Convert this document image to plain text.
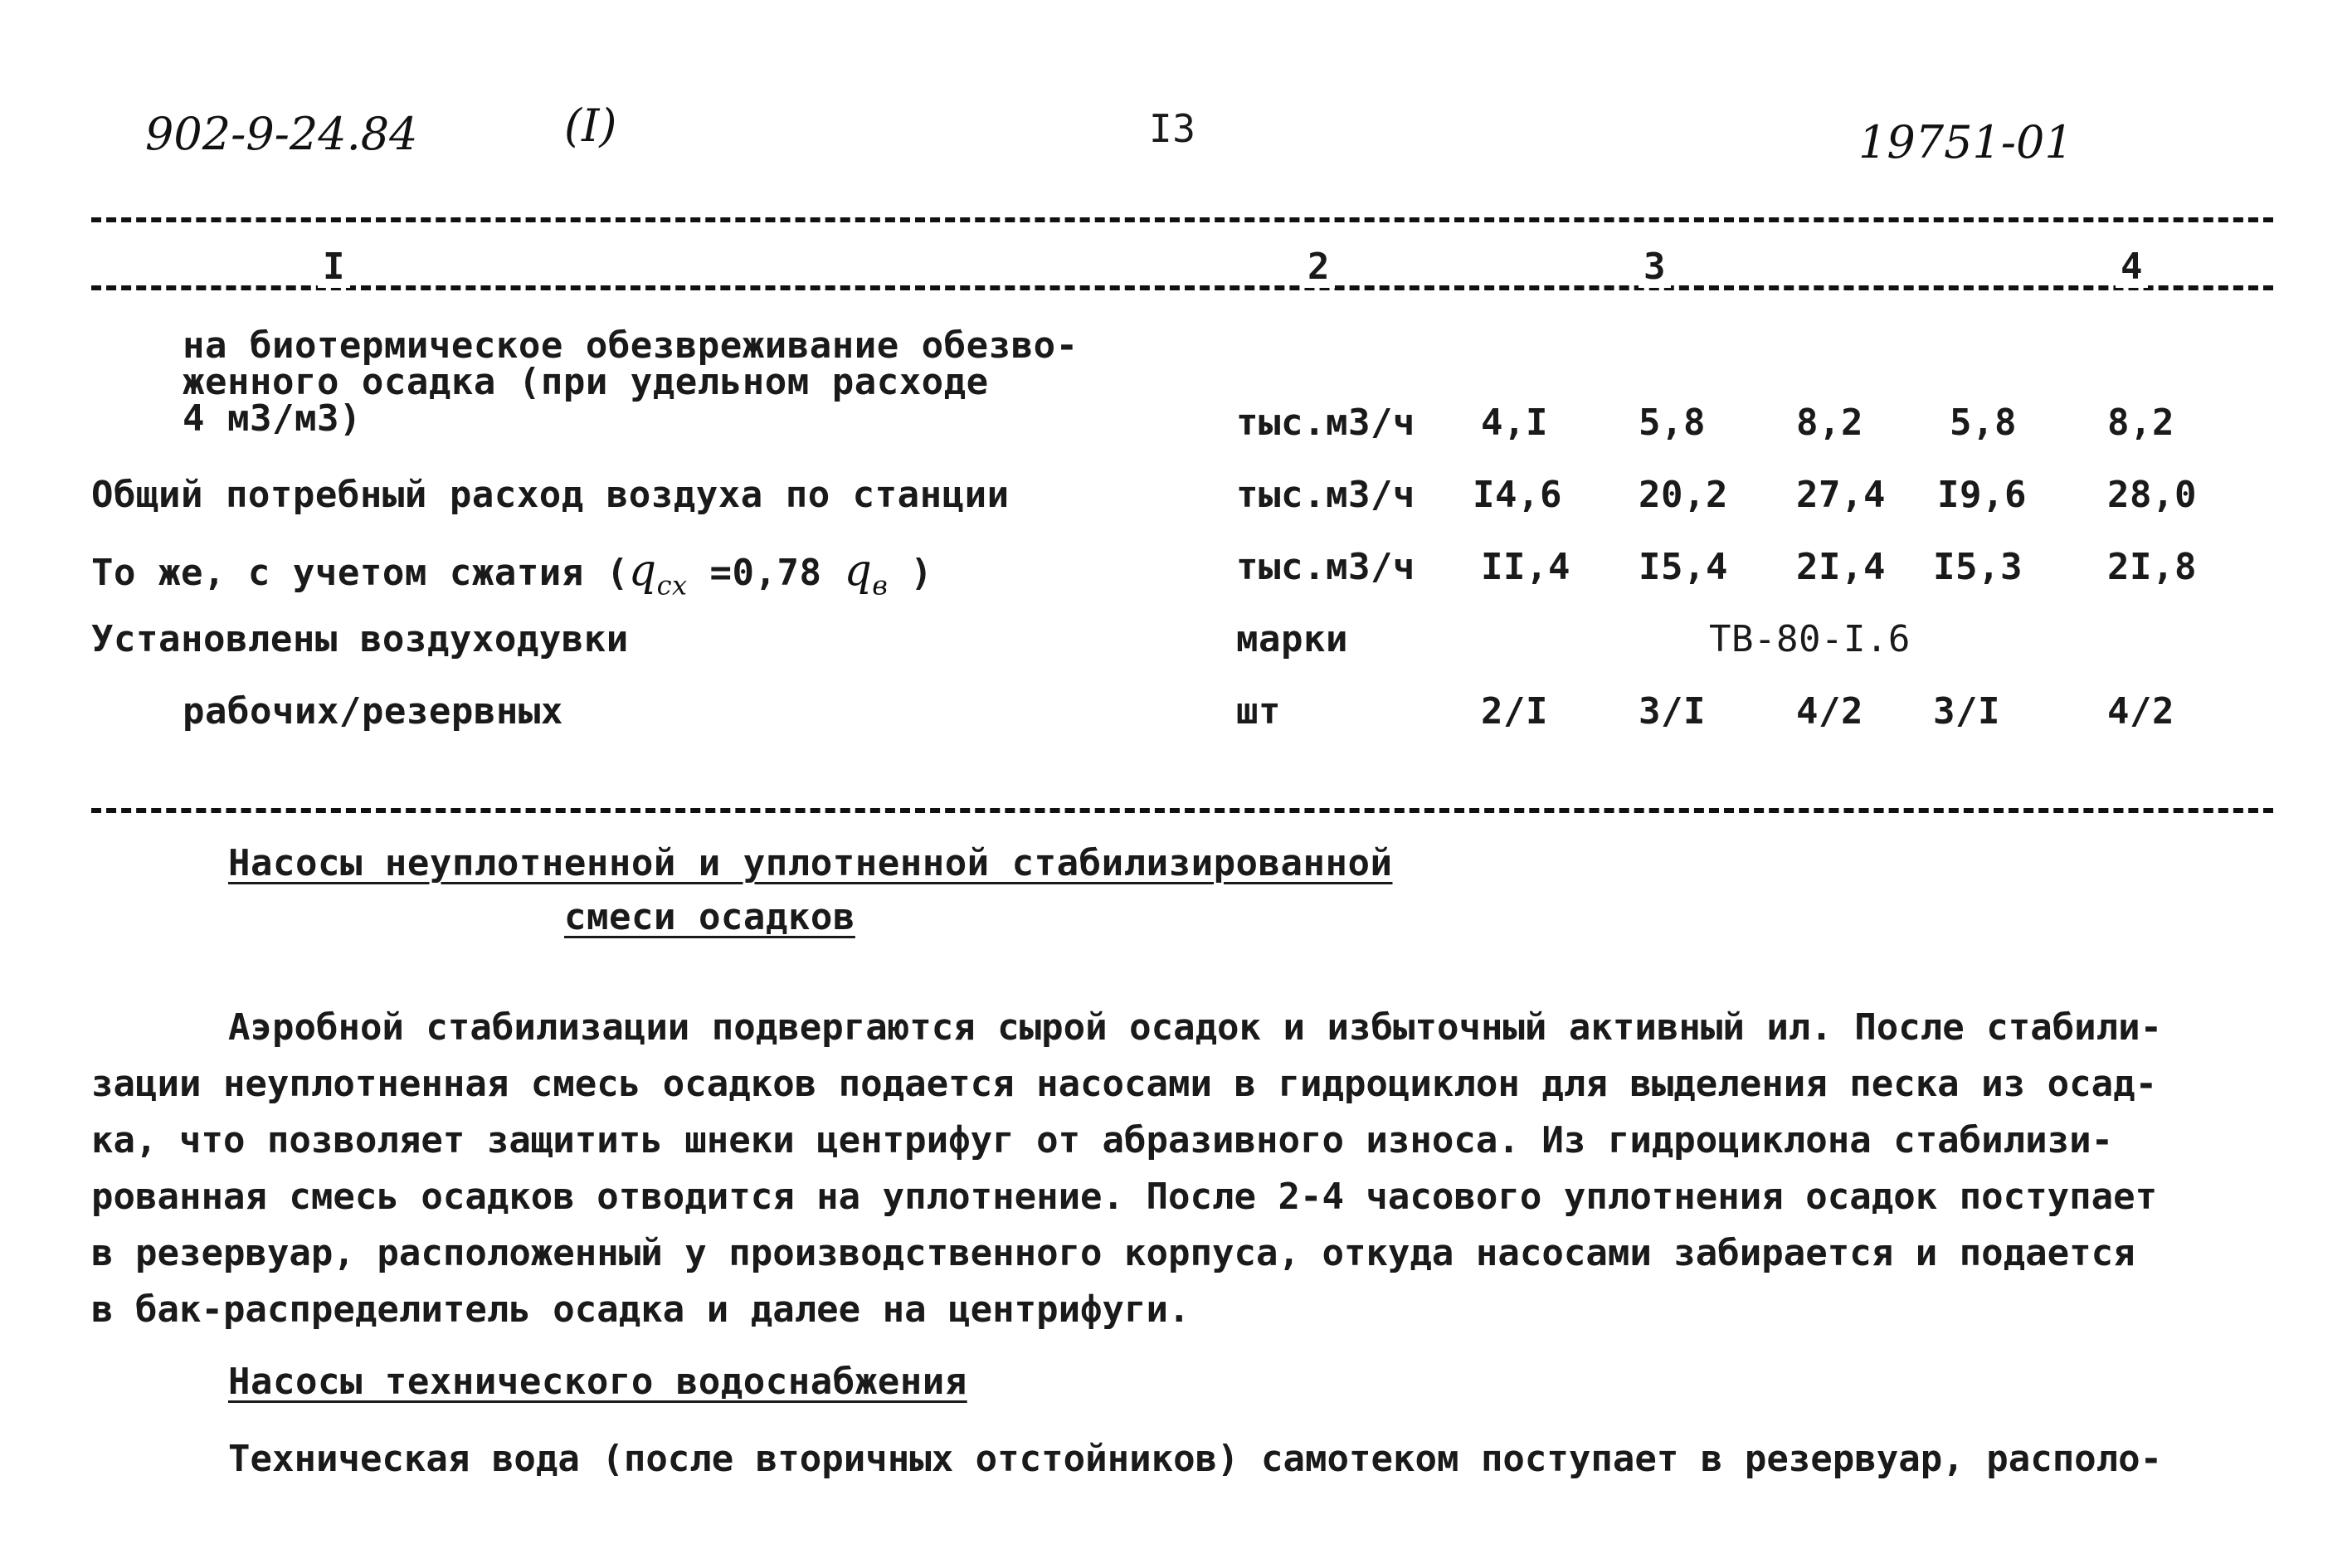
902-9-24.84	(I)	I3	19751-01
I	2	3	4
на биотермическое обезвреживание обезво-
женного осадка (при удельном расходе
4 м3/м3)	тыс.м3/ч 4,I 5,8 8,2 5,8 8,2
Общий потребный расход воздуха по станции	тыс.м3/ч I4,6 20,2 27,4 I9,6 28,0
То же, с учетом сжатия ($q_{cx} =0,78$ $q_в$ )	тыс.м3/ч II,4 I5,4 2I,4 I5,3 2I,8
Установлены воздуходувки	марки	ТВ-80-I.6
рабочих/резервных	шт	2/I 3/I 4/2 3/I	4/2
Насосы неуплотненной и уплотненной стабилизированной
смеси осадков
Аэробной стабилизации подвергаются сырой осадок и избыточный активный ил. После стабили-
зации неуплотненная смесь осадков подается насосами в гидроциклон для выделения песка из осад-
ка, что позволяет защитить шнеки центрифуг от абразивного износа. Из гидроциклона стабилизи-
рованная смесь осадков отводится на уплотнение. После 2-4 часового уплотнения осадок поступает
в резервуар, расположенный у производственного корпуса, откуда насосами забирается и подается
в бак-распределитель осадка и далее на центрифуги.
Насосы технического водоснабжения
Техническая вода (после вторичных отстойников) самотеком поступает в резервуар, располо-
